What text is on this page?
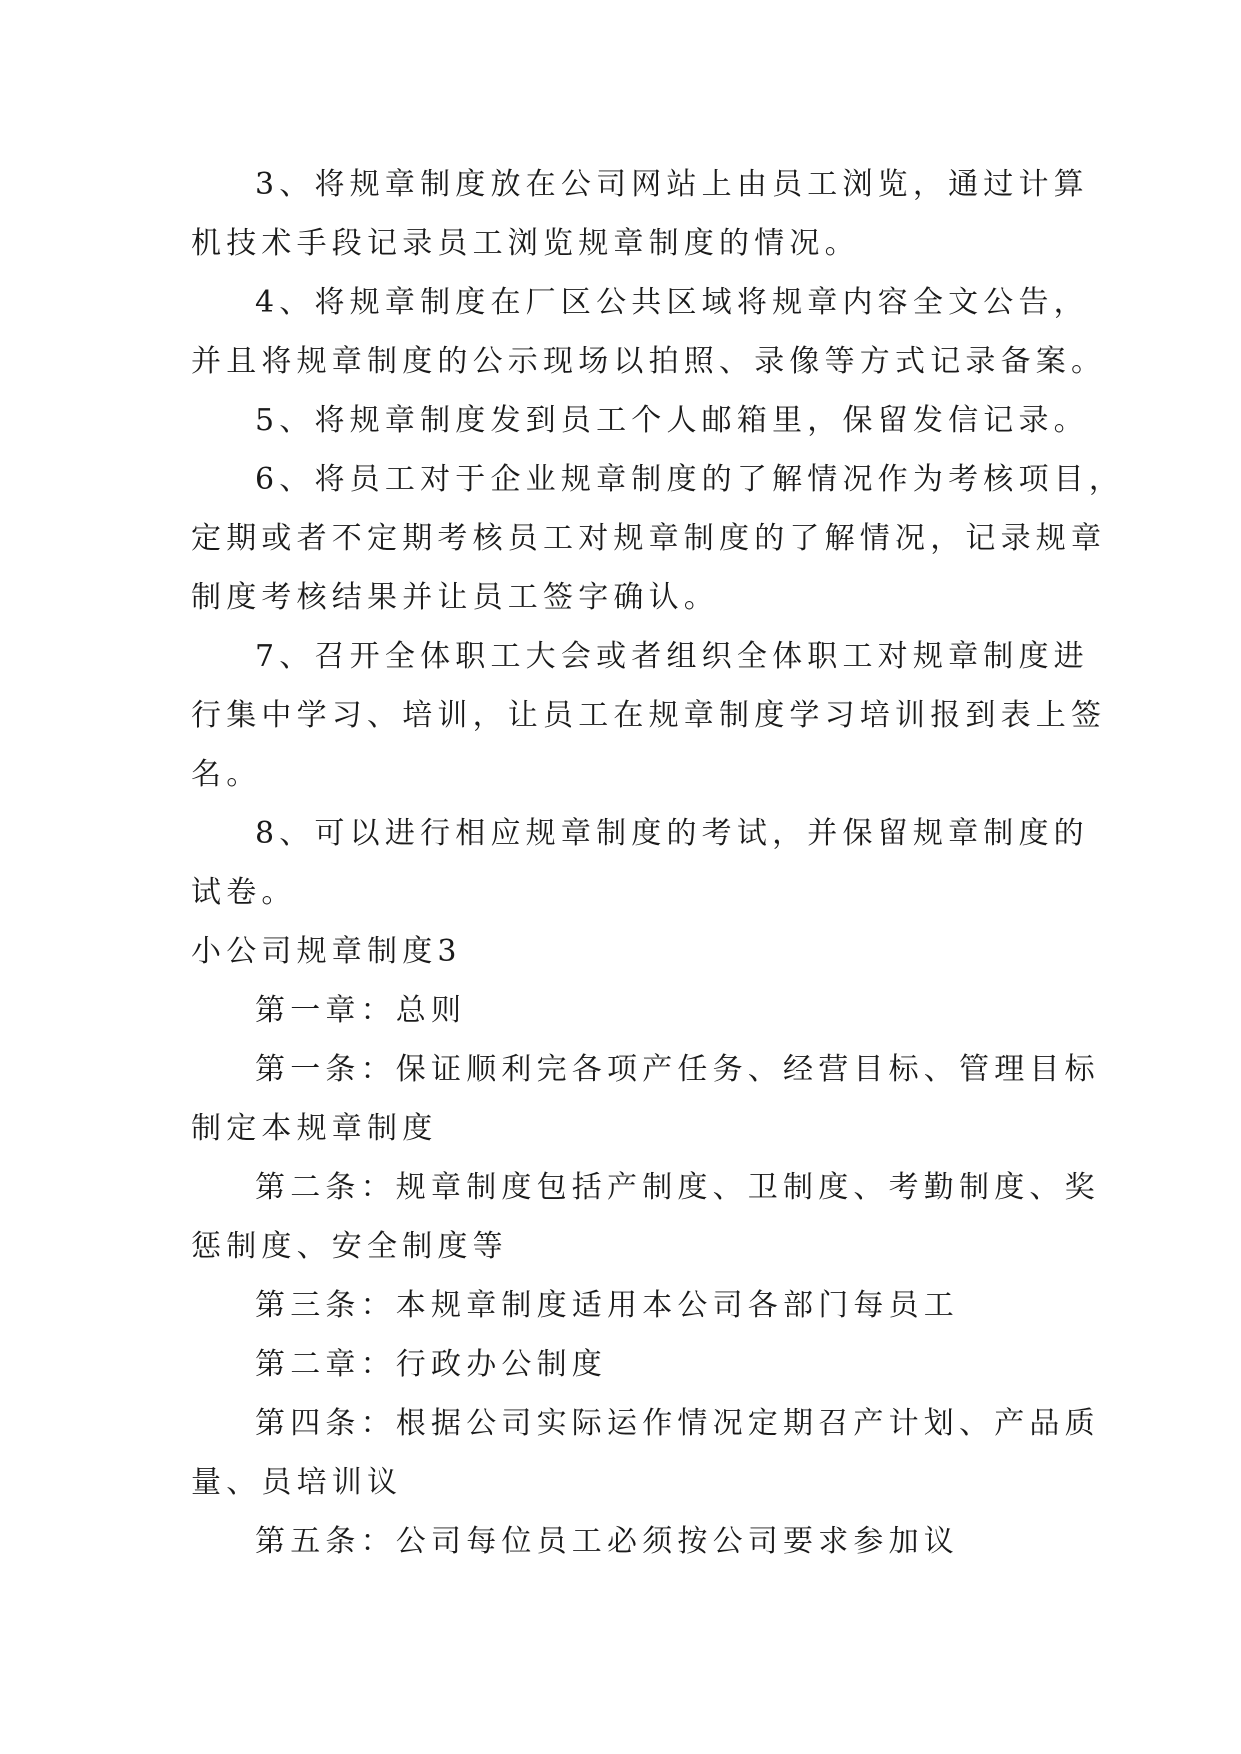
3、将规章制度放在公司网站上由员工浏览，通过计算
机技术手段记录员工浏览规章制度的情况。
4、将规章制度在厂区公共区域将规章内容全文公告，
并且将规章制度的公示现场以拍照、录像等方式记录备案。
5、将规章制度发到员工个人邮箱里，保留发信记录。
6、将员工对于企业规章制度的了解情况作为考核项目，
定期或者不定期考核员工对规章制度的了解情况，记录规章
制度考核结果并让员工签字确认。
7、召开全体职工大会或者组织全体职工对规章制度进
行集中学习、培训，让员工在规章制度学习培训报到表上签
名。
8、可以进行相应规章制度的考试，并保留规章制度的
试卷。
小公司规章制度3
第一章：总则
第一条：保证顺利完各项产任务、经营目标、管理目标
制定本规章制度
第二条：规章制度包括产制度、卫制度、考勤制度、奖
惩制度、安全制度等
第三条：本规章制度适用本公司各部门每员工
第二章：行政办公制度
第四条：根据公司实际运作情况定期召产计划、产品质
量、员培训议
第五条：公司每位员工必须按公司要求参加议
